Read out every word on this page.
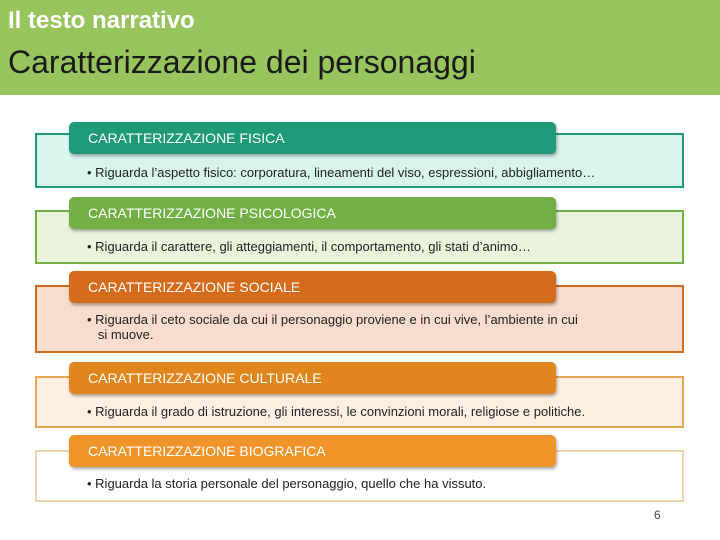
Il testo narrativo
Caratterizzazione dei personaggi
• Riguarda l’aspetto fisico: corporatura, lineamenti del viso, espressioni, abbigliamento…
CARATTERIZZAZIONE FISICA
• Riguarda il carattere, gli atteggiamenti, il comportamento, gli stati d’animo…
CARATTERIZZAZIONE PSICOLOGICA
• Riguarda il ceto sociale da cui il personaggio proviene e in cui vive, l’ambiente in cui
si muove.
CARATTERIZZAZIONE SOCIALE
• Riguarda il grado di istruzione, gli interessi, le convinzioni morali, religiose e politiche.
CARATTERIZZAZIONE CULTURALE
• Riguarda la storia personale del personaggio, quello che ha vissuto.
CARATTERIZZAZIONE BIOGRAFICA
6
